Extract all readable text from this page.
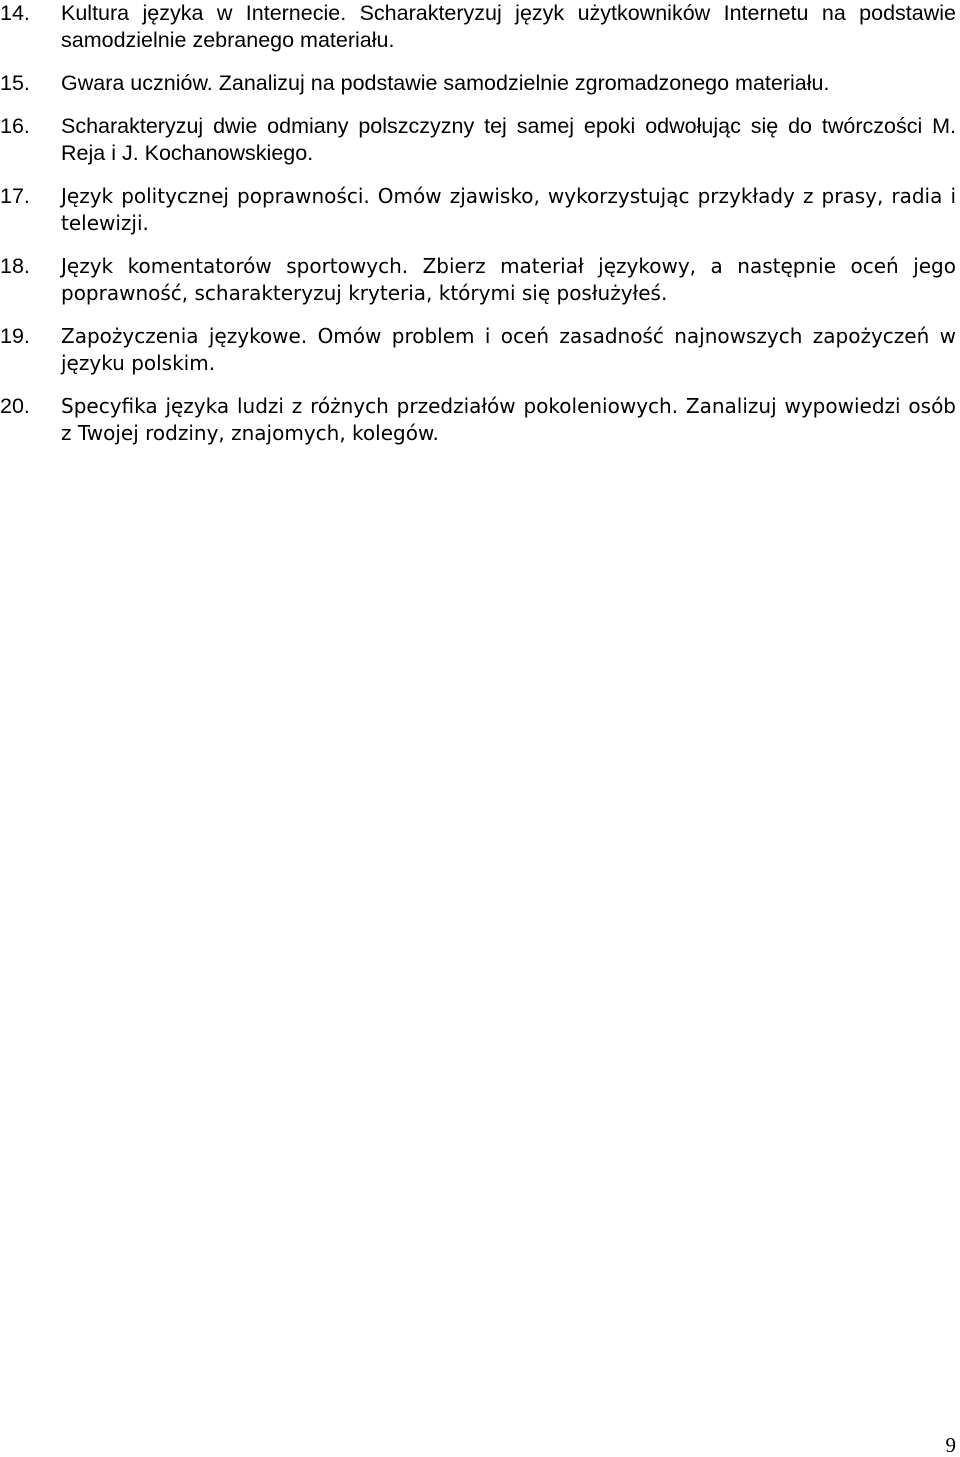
14.	Kultura języka w Internecie. Scharakteryzuj język użytkowników Internetu na podstawie samodzielnie zebranego materiału.
15.	Gwara uczniów. Zanalizuj na podstawie samodzielnie zgromadzonego materiału.
16.	Scharakteryzuj dwie odmiany polszczyzny tej samej epoki odwołując się do twórczości M. Reja i J. Kochanowskiego.
17.	Język politycznej poprawności. Omów zjawisko, wykorzystując przykłady z prasy, radia i telewizji.
18.	Język komentatorów sportowych. Zbierz materiał językowy, a następnie oceń jego poprawność, scharakteryzuj kryteria, którymi się posłużyłeś.
19.	Zapożyczenia językowe. Omów problem i oceń zasadność najnowszych zapożyczeń w języku polskim.
20.	Specyfika języka ludzi z różnych przedziałów pokoleniowych. Zanalizuj wypowiedzi osób z Twojej rodziny, znajomych, kolegów.
9
